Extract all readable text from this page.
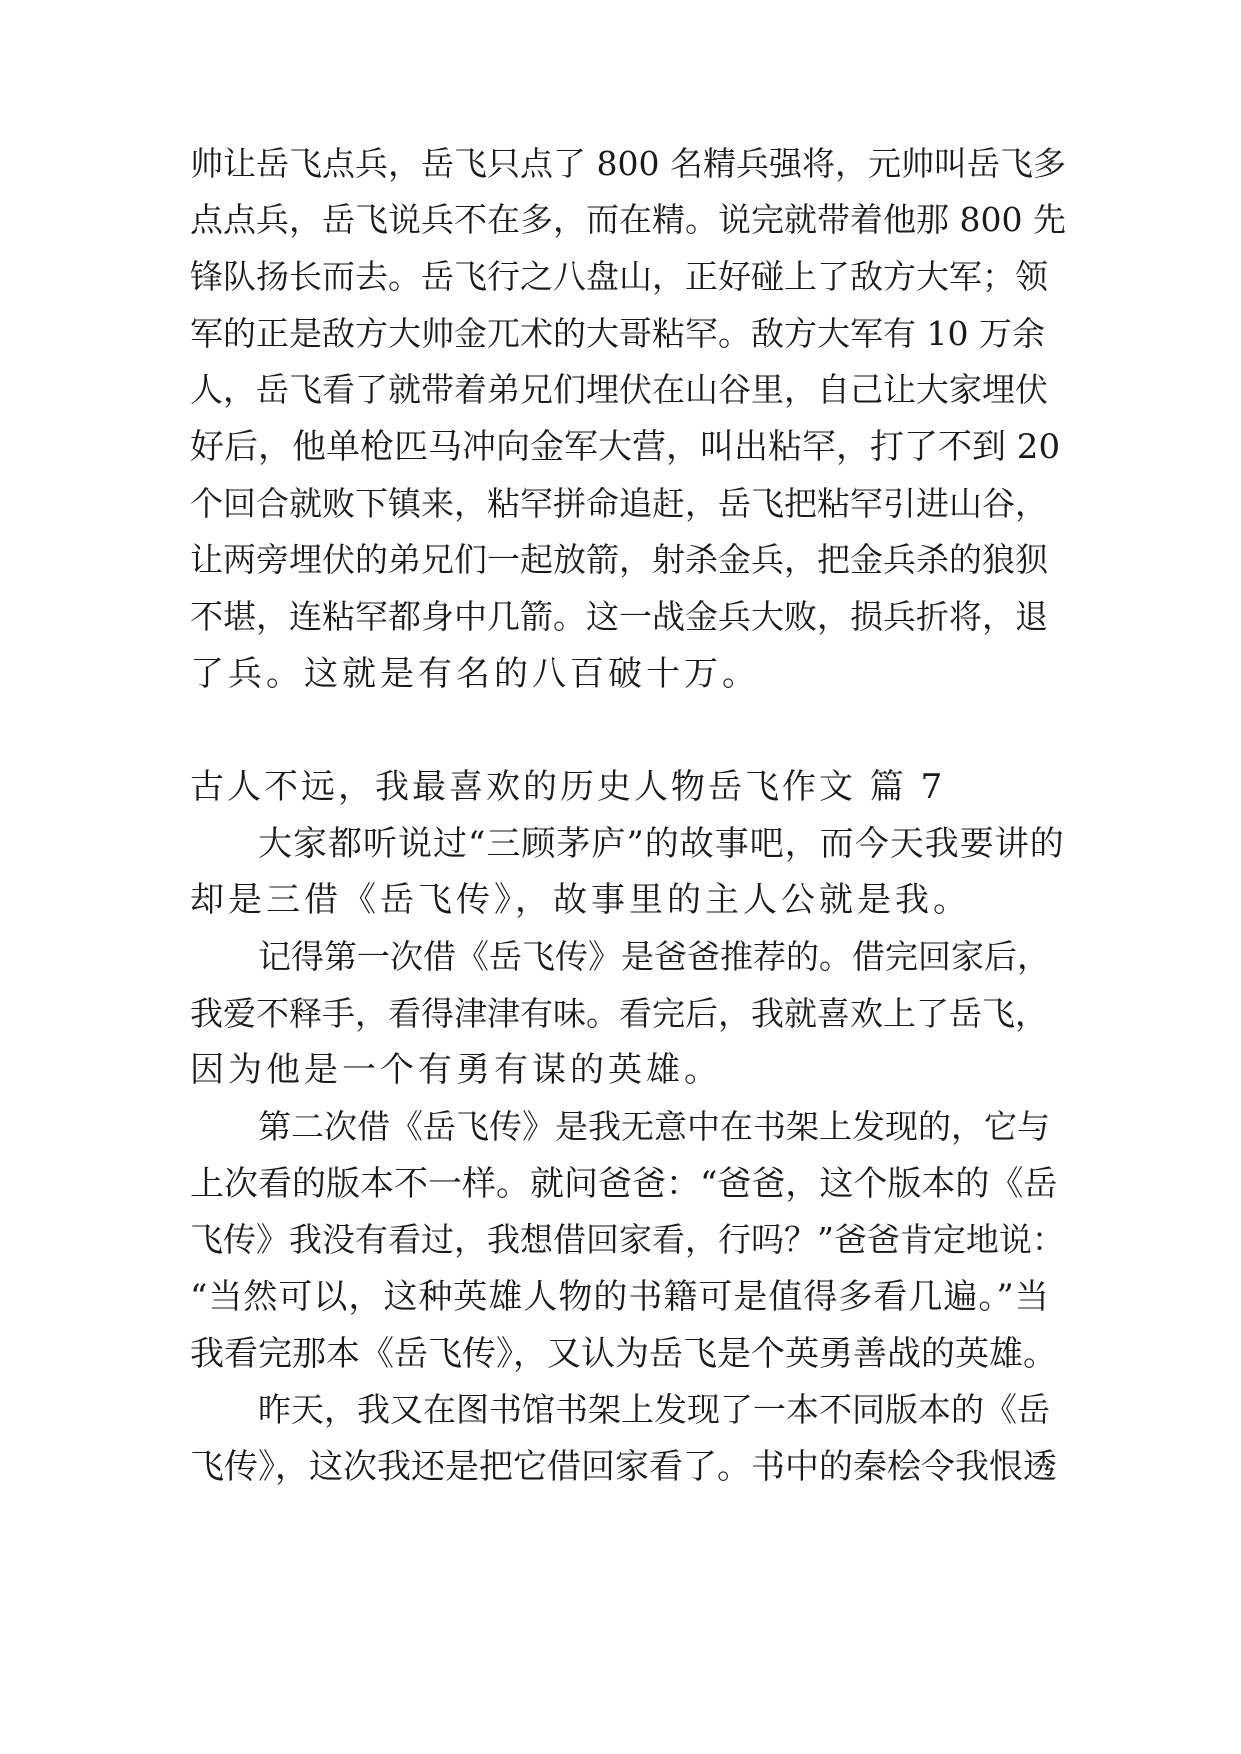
帅让岳飞点兵，岳飞只点了 800 名精兵强将，元帅叫岳飞多
点点兵，岳飞说兵不在多，而在精。说完就带着他那 800 先
锋队扬长而去。岳飞行之八盘山，正好碰上了敌方大军；领
军的正是敌方大帅金兀术的大哥粘罕。敌方大军有 10 万余
人，岳飞看了就带着弟兄们埋伏在山谷里，自己让大家埋伏
好后，他单枪匹马冲向金军大营，叫出粘罕，打了不到 20
个回合就败下镇来，粘罕拼命追赶，岳飞把粘罕引进山谷，
让两旁埋伏的弟兄们一起放箭，射杀金兵，把金兵杀的狼狈
不堪，连粘罕都身中几箭。这一战金兵大败，损兵折将，退
了兵。这就是有名的八百破十万。
古人不远，我最喜欢的历史人物岳飞作文 篇 7
大家都听说过“三顾茅庐”的故事吧，而今天我要讲的
却是三借《岳飞传》，故事里的主人公就是我。
记得第一次借《岳飞传》是爸爸推荐的。借完回家后，
我爱不释手，看得津津有味。看完后，我就喜欢上了岳飞，
因为他是一个有勇有谋的英雄。
第二次借《岳飞传》是我无意中在书架上发现的，它与
上次看的版本不一样。就问爸爸：“爸爸，这个版本的《岳
飞传》我没有看过，我想借回家看，行吗？”爸爸肯定地说：
“当然可以，这种英雄人物的书籍可是值得多看几遍。”当
我看完那本《岳飞传》，又认为岳飞是个英勇善战的英雄。
昨天，我又在图书馆书架上发现了一本不同版本的《岳
飞传》，这次我还是把它借回家看了。书中的秦桧令我恨透
